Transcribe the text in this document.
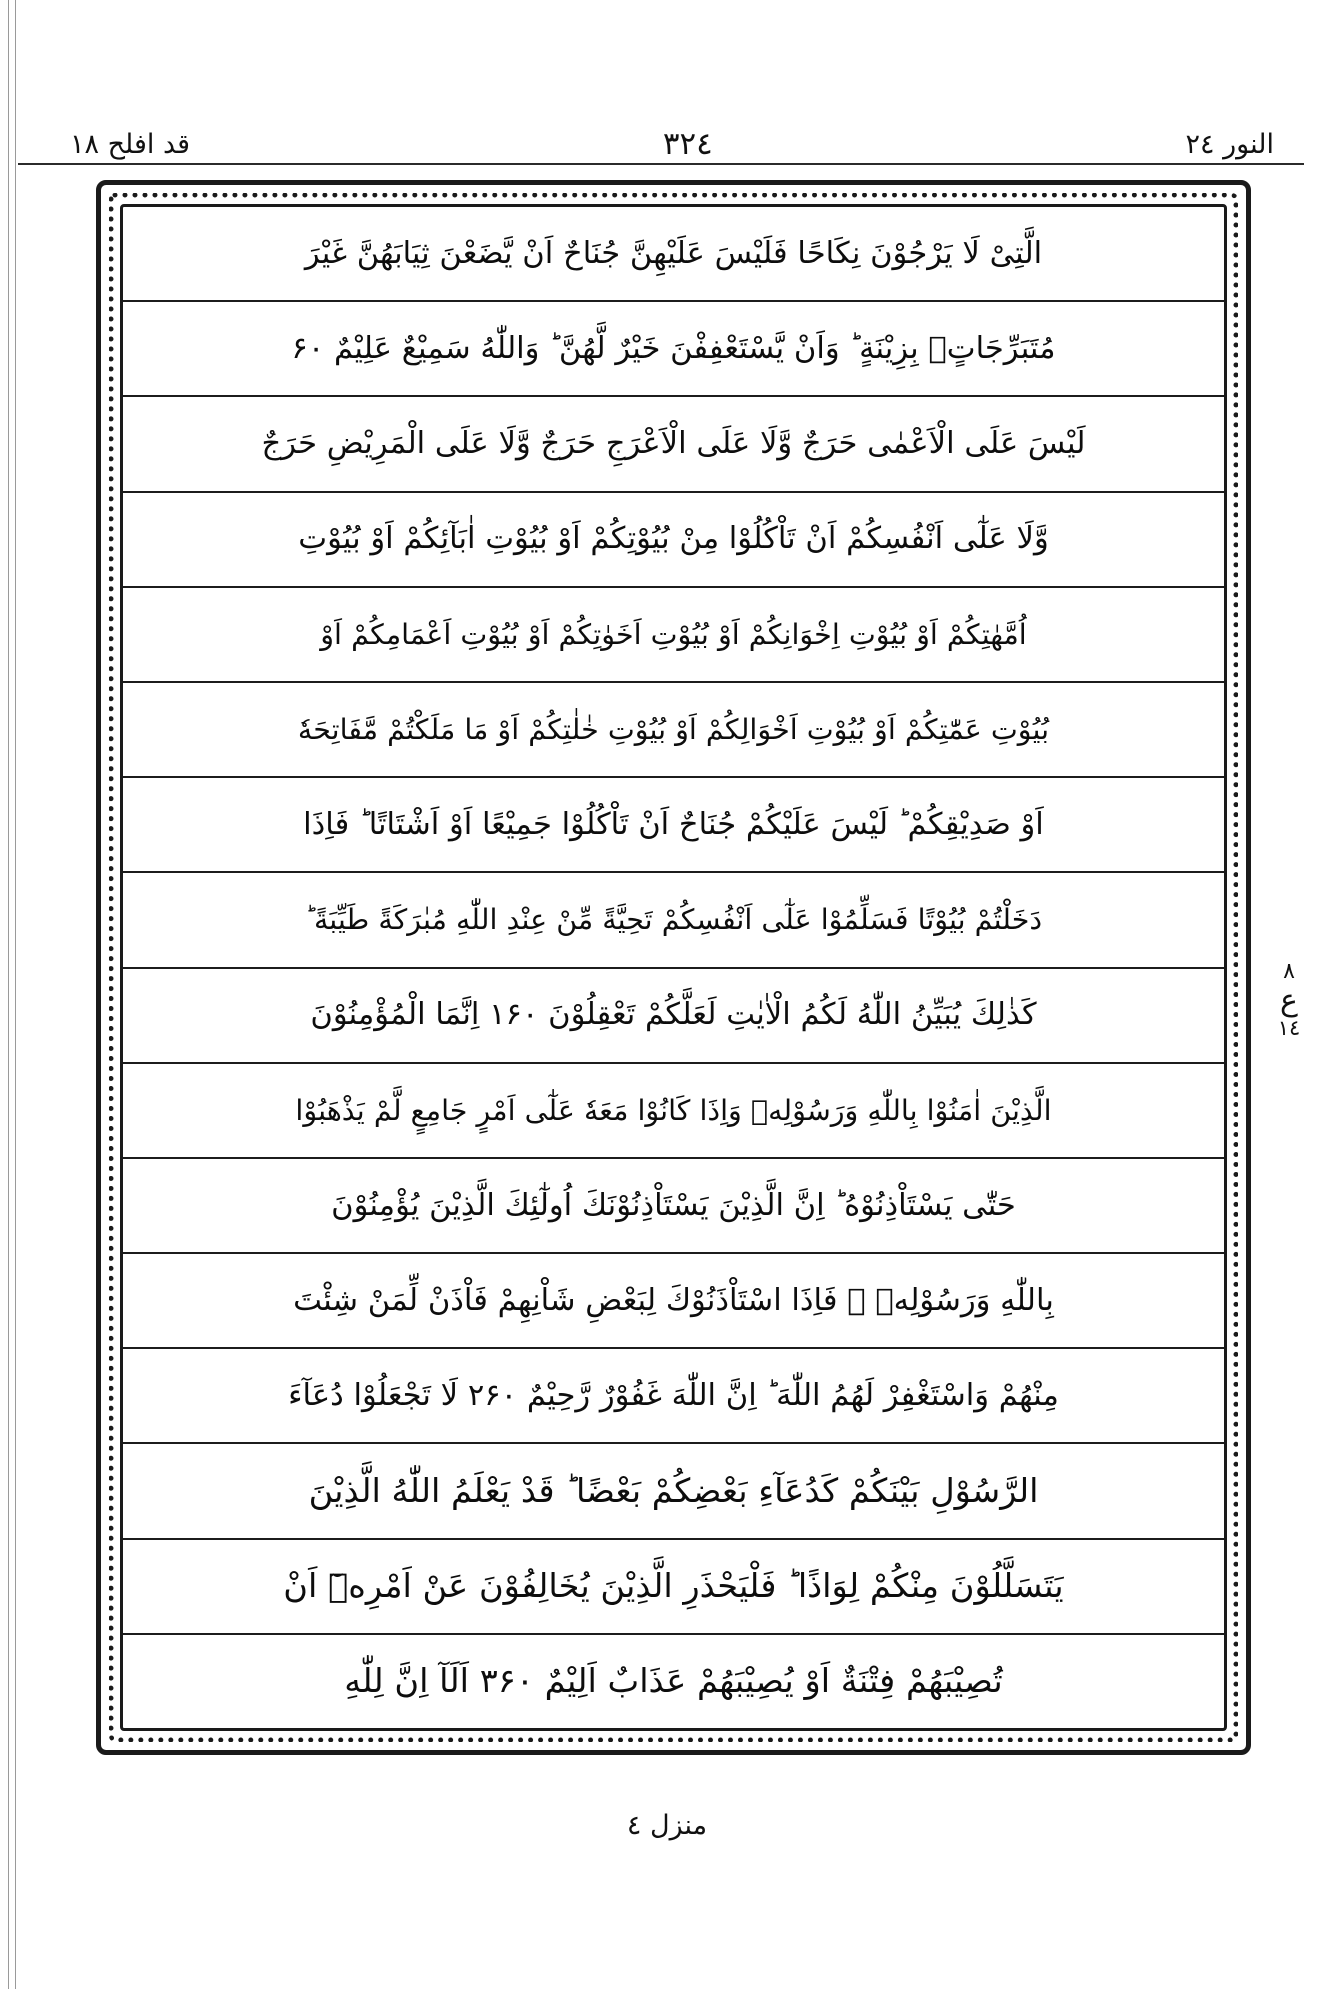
النور ٢٤
٣٢٤
قد افلح ١٨
الَّتِىْ لَا يَرْجُوْنَ نِكَاحًا فَلَيْسَ عَلَيْهِنَّ جُنَاحٌ اَنْ يَّضَعْنَ ثِيَابَهُنَّ غَيْرَ
مُتَبَرِّجَاتٍۭ بِزِيْنَةٍ ؕ وَاَنْ يَّسْتَعْفِفْنَ خَيْرٌ لَّهُنَّ ؕ وَاللّٰهُ سَمِيْعٌ عَلِيْمٌ ۰۶
لَيْسَ عَلَى الْاَعْمٰى حَرَجٌ وَّلَا عَلَى الْاَعْرَجِ حَرَجٌ وَّلَا عَلَى الْمَرِيْضِ حَرَجٌ
وَّلَا عَلٰٓى اَنْفُسِكُمْ اَنْ تَاْكُلُوْا مِنْ بُيُوْتِكُمْ اَوْ بُيُوْتِ اٰبَآئِكُمْ اَوْ بُيُوْتِ
اُمَّهٰتِكُمْ اَوْ بُيُوْتِ اِخْوَانِكُمْ اَوْ بُيُوْتِ اَخَوٰتِكُمْ اَوْ بُيُوْتِ اَعْمَامِكُمْ اَوْ
بُيُوْتِ عَمّٰتِكُمْ اَوْ بُيُوْتِ اَخْوَالِكُمْ اَوْ بُيُوْتِ خٰلٰتِكُمْ اَوْ مَا مَلَكْتُمْ مَّفَاتِحَهٗ
اَوْ صَدِيْقِكُمْ ؕ لَيْسَ عَلَيْكُمْ جُنَاحٌ اَنْ تَاْكُلُوْا جَمِيْعًا اَوْ اَشْتَاتًا ؕ فَاِذَا
دَخَلْتُمْ بُيُوْتًا فَسَلِّمُوْا عَلٰٓى اَنْفُسِكُمْ تَحِيَّةً مِّنْ عِنْدِ اللّٰهِ مُبٰرَكَةً طَيِّبَةً ؕ
كَذٰلِكَ يُبَيِّنُ اللّٰهُ لَكُمُ الْاٰيٰتِ لَعَلَّكُمْ تَعْقِلُوْنَ ۰۶۱ اِنَّمَا الْمُؤْمِنُوْنَ
الَّذِيْنَ اٰمَنُوْا بِاللّٰهِ وَرَسُوْلِهٖ وَاِذَا كَانُوْا مَعَهٗ عَلٰٓى اَمْرٍ جَامِعٍ لَّمْ يَذْهَبُوْا
حَتّٰى يَسْتَاْذِنُوْهُ ؕ اِنَّ الَّذِيْنَ يَسْتَاْذِنُوْنَكَ اُولٰٓئِكَ الَّذِيْنَ يُؤْمِنُوْنَ
بِاللّٰهِ وَرَسُوْلِهٖ ۚ فَاِذَا اسْتَاْذَنُوْكَ لِبَعْضِ شَاْنِهِمْ فَاْذَنْ لِّمَنْ شِئْتَ
مِنْهُمْ وَاسْتَغْفِرْ لَهُمُ اللّٰهَ ؕ اِنَّ اللّٰهَ غَفُوْرٌ رَّحِيْمٌ ۰۶۲ لَا تَجْعَلُوْا دُعَآءَ
الرَّسُوْلِ بَيْنَكُمْ كَدُعَآءِ بَعْضِكُمْ بَعْضًا ؕ قَدْ يَعْلَمُ اللّٰهُ الَّذِيْنَ
يَتَسَلَّلُوْنَ مِنْكُمْ لِوَاذًا ؕ فَلْيَحْذَرِ الَّذِيْنَ يُخَالِفُوْنَ عَنْ اَمْرِهٖٓ اَنْ
تُصِيْبَهُمْ فِتْنَةٌ اَوْ يُصِيْبَهُمْ عَذَابٌ اَلِيْمٌ ۰۶۳ اَلَآ اِنَّ لِلّٰهِ
٨
ع
١٤
منزل ٤
